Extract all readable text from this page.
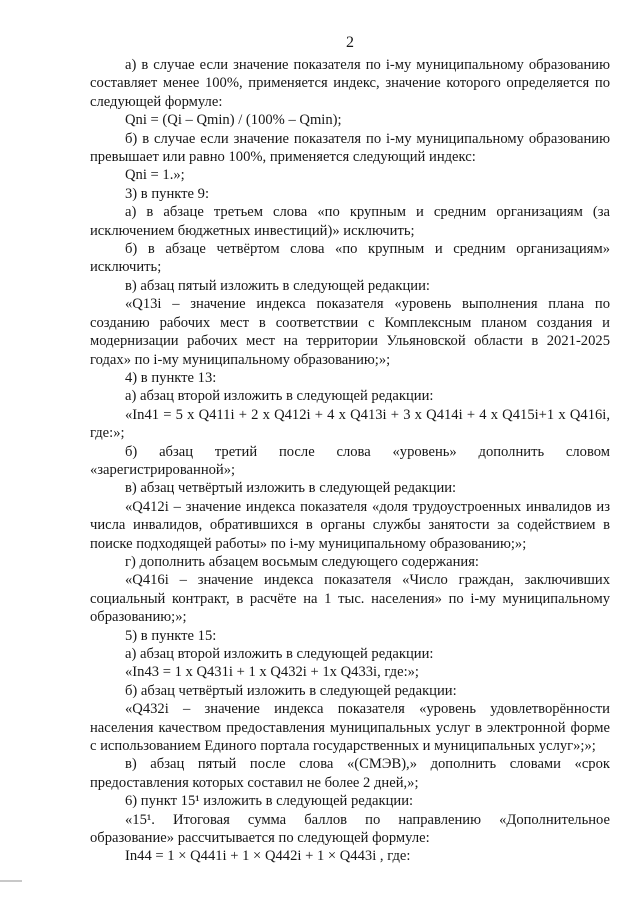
2

а) в случае если значение показателя по i-му муниципальному образованию составляет менее 100%, применяется индекс, значение которого определяется по следующей формуле:

Qni = (Qi – Qmin) / (100% – Qmin);

б) в случае если значение показателя по i-му муниципальному образованию превышает или равно 100%, применяется следующий индекс:

Qni = 1.»;

3) в пункте 9:

а) в абзаце третьем слова «по крупным и средним организациям (за исключением бюджетных инвестиций)» исключить;

б) в абзаце четвёртом слова «по крупным и средним организациям» исключить;

в) абзац пятый изложить в следующей редакции:

«Q13i – значение индекса показателя «уровень выполнения плана по созданию рабочих мест в соответствии с Комплексным планом создания и модернизации рабочих мест на территории Ульяновской области в 2021-2025 годах» по i-му муниципальному образованию;»;

4) в пункте 13:

а) абзац второй изложить в следующей редакции:

«In41 = 5 x Q411i + 2 x Q412i + 4 x Q413i + 3 x Q414i + 4 x Q415i+1 x Q416i, где:»;

б) абзац третий после слова «уровень» дополнить словом «зарегистрированной»;

в) абзац четвёртый изложить в следующей редакции:

«Q412i – значение индекса показателя «доля трудоустроенных инвалидов из числа инвалидов, обратившихся в органы службы занятости за содействием в поиске подходящей работы» по i-му муниципальному образованию;»;

г) дополнить абзацем восьмым следующего содержания:

«Q416i – значение индекса показателя «Число граждан, заключивших социальный контракт, в расчёте на 1 тыс. населения» по i-му муниципальному образованию;»;

5) в пункте 15:

а) абзац второй изложить в следующей редакции:

«In43 = 1 x Q431i + 1 x Q432i + 1x Q433i, где:»;

б) абзац четвёртый изложить в следующей редакции:

«Q432i – значение индекса показателя «уровень удовлетворённости населения качеством предоставления муниципальных услуг в электронной форме с использованием Единого портала государственных и муниципальных услуг»;»;

в) абзац пятый после слова «(СМЭВ),» дополнить словами «срок предоставления которых составил не более 2 дней,»;

6) пункт 15¹ изложить в следующей редакции:

«15¹. Итоговая сумма баллов по направлению «Дополнительное образование» рассчитывается по следующей формуле:

In44 = 1 × Q441i + 1 × Q442i + 1 × Q443i , где:
